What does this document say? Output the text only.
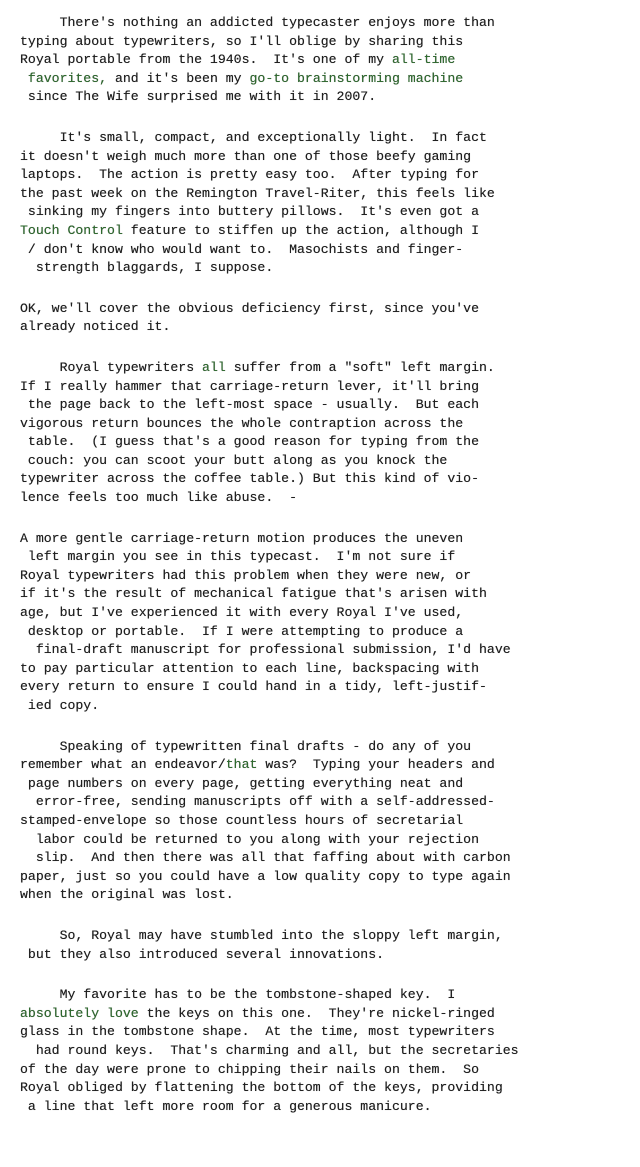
There's nothing an addicted typecaster enjoys more than
typing about typewriters, so I'll oblige by sharing this
Royal portable from the 1940s.  It's one of my all-time
favorites, and it's been my go-to brainstorming machine
since The Wife surprised me with it in 2007.
It's small, compact, and exceptionally light.  In fact
it doesn't weigh much more than one of those beefy gaming
laptops.  The action is pretty easy too.  After typing for
the past week on the Remington Travel-Riter, this feels like
sinking my fingers into buttery pillows.  It's even got a
Touch Control feature to stiffen up the action, although I
/ don't know who would want to.  Masochists and finger-
strength blaggards, I suppose.
OK, we'll cover the obvious deficiency first, since you've
already noticed it.
Royal typewriters all suffer from a "soft" left margin.
If I really hammer that carriage-return lever, it'll bring
the page back to the left-most space - usually.  But each
vigorous return bounces the whole contraption across the
table.  (I guess that's a good reason for typing from the
couch: you can scoot your butt along as you knock the
typewriter across the coffee table.) But this kind of vio-
lence feels too much like abuse.  -
A more gentle carriage-return motion produces the uneven
left margin you see in this typecast.  I'm not sure if
Royal typewriters had this problem when they were new, or
if it's the result of mechanical fatigue that's arisen with
age, but I've experienced it with every Royal I've used,
desktop or portable.  If I were attempting to produce a
final-draft manuscript for professional submission, I'd have
to pay particular attention to each line, backspacing with
every return to ensure I could hand in a tidy, left-justif-
ied copy.
Speaking of typewritten final drafts - do any of you
remember what an endeavor/that was?  Typing your headers and
page numbers on every page, getting everything neat and
error-free, sending manuscripts off with a self-addressed-
stamped-envelope so those countless hours of secretarial
labor could be returned to you along with your rejection
slip.  And then there was all that faffing about with carbon
paper, just so you could have a low quality copy to type again
when the original was lost.
So, Royal may have stumbled into the sloppy left margin,
but they also introduced several innovations.
My favorite has to be the tombstone-shaped key.  I
absolutely love the keys on this one.  They're nickel-ringed
glass in the tombstone shape.  At the time, most typewriters
had round keys.  That's charming and all, but the secretaries
of the day were prone to chipping their nails on them.  So
Royal obliged by flattening the bottom of the keys, providing
a line that left more room for a generous manicure.
